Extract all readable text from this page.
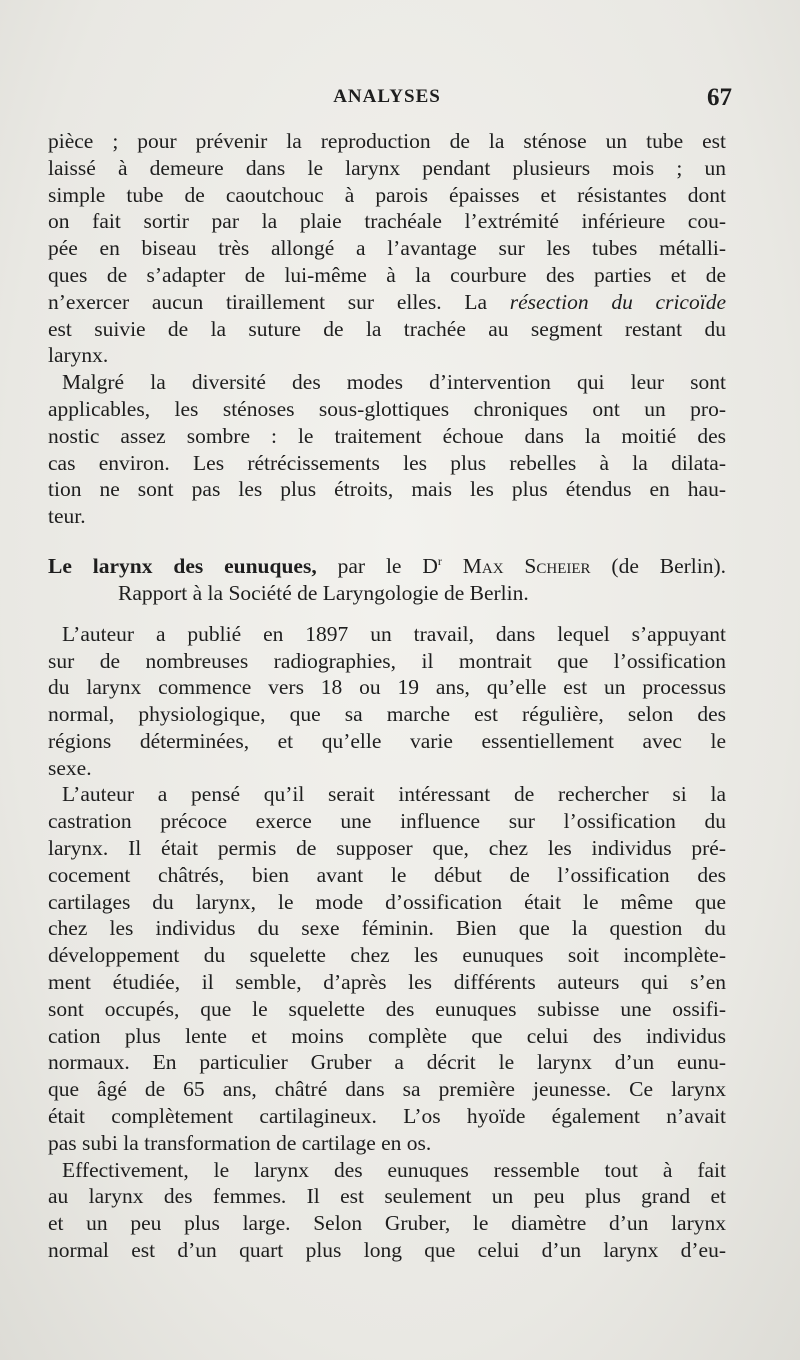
ANALYSES	67
pièce ; pour prévenir la reproduction de la sténose un tube est
laissé à demeure dans le larynx pendant plusieurs mois ; un
simple tube de caoutchouc à parois épaisses et résistantes dont
on fait sortir par la plaie trachéale l’extrémité inférieure cou-
pée en biseau très allongé a l’avantage sur les tubes métalli-
ques de s’adapter de lui-même à la courbure des parties et de
n’exercer aucun tiraillement sur elles. La résection du cricoïde
est suivie de la suture de la trachée au segment restant du
larynx.
Malgré la diversité des modes d’intervention qui leur sont
applicables, les sténoses sous-glottiques chroniques ont un pro-
nostic assez sombre : le traitement échoue dans la moitié des
cas environ. Les rétrécissements les plus rebelles à la dilata-
tion ne sont pas les plus étroits, mais les plus étendus en hau-
teur.
Le larynx des eunuques, par le $D^r$ Max Scheier (de Berlin).
Rapport à la Société de Laryngologie de Berlin.
L’auteur a publié en 1897 un travail, dans lequel s’appuyant
sur de nombreuses radiographies, il montrait que l’ossification
du larynx commence vers 18 ou 19 ans, qu’elle est un processus
normal, physiologique, que sa marche est régulière, selon des
régions déterminées, et qu’elle varie essentiellement avec le
sexe.
L’auteur a pensé qu’il serait intéressant de rechercher si la
castration précoce exerce une influence sur l’ossification du
larynx. Il était permis de supposer que, chez les individus pré-
cocement châtrés, bien avant le début de l’ossification des
cartilages du larynx, le mode d’ossification était le même que
chez les individus du sexe féminin. Bien que la question du
développement du squelette chez les eunuques soit incomplète-
ment étudiée, il semble, d’après les différents auteurs qui s’en
sont occupés, que le squelette des eunuques subisse une ossifi-
cation plus lente et moins complète que celui des individus
normaux. En particulier Gruber a décrit le larynx d’un eunu-
que âgé de 65 ans, châtré dans sa première jeunesse. Ce larynx
était complètement cartilagineux. L’os hyoïde également n’avait
pas subi la transformation de cartilage en os.
Effectivement, le larynx des eunuques ressemble tout à fait
au larynx des femmes. Il est seulement un peu plus grand et
et un peu plus large. Selon Gruber, le diamètre d’un larynx
normal est d’un quart plus long que celui d’un larynx d’eu-
